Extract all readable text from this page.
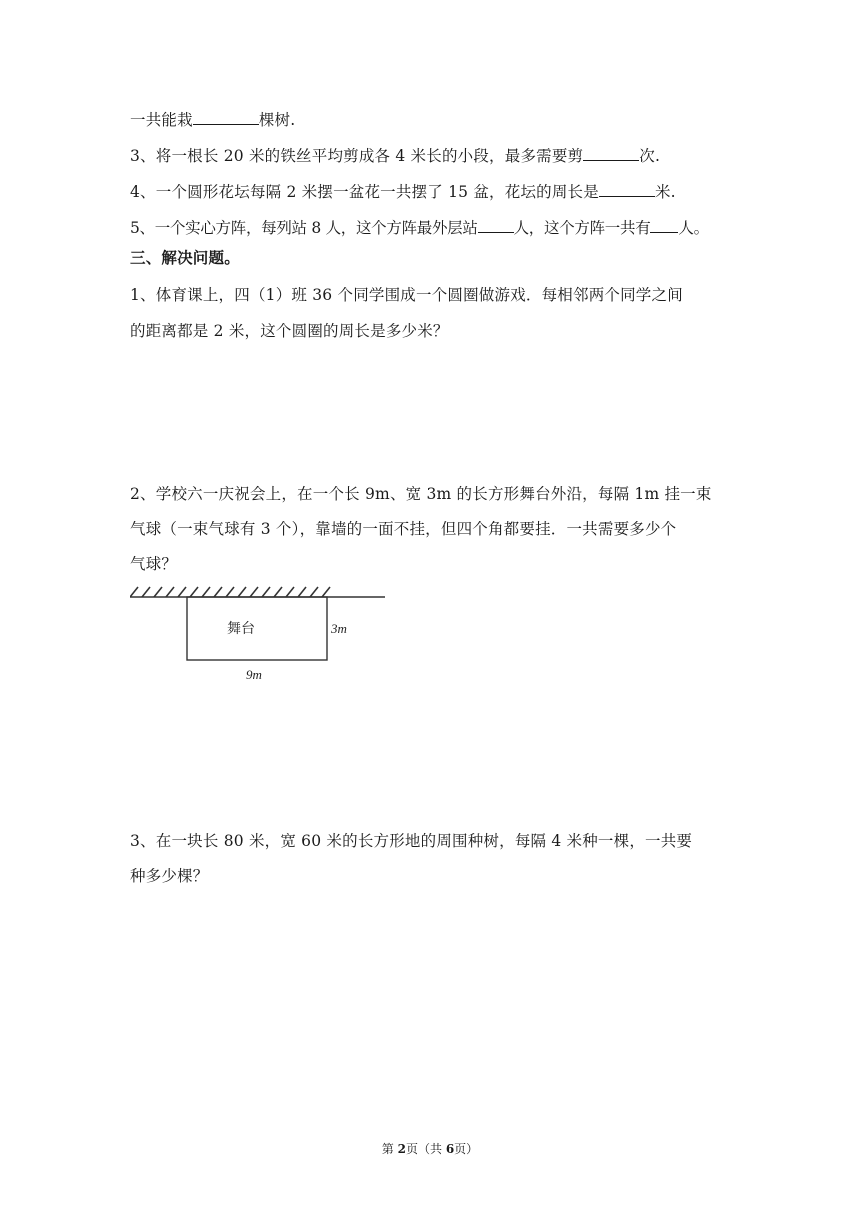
一共能栽	棵树.
3、将一根长 20 米的铁丝平均剪成各 4 米长的小段，最多需要剪	次.
4、一个圆形花坛每隔 2 米摆一盆花一共摆了 15 盆，花坛的周长是	米.
5、一个实心方阵，每列站 8 人，这个方阵最外层站 人，这个方阵一共有 人。
三、解决问题。
1、体育课上，四（1）班 36 个同学围成一个圆圈做游戏．每相邻两个同学之间
的距离都是 2 米，这个圆圈的周长是多少米？
2、学校六一庆祝会上，在一个长 9m、宽 3m 的长方形舞台外沿，每隔 1m 挂一束
气球（一束气球有 3 个），靠墙的一面不挂，但四个角都要挂．一共需要多少个
气球？
舞台	3m
9m
3、在一块长 80 米，宽 60 米的长方形地的周围种树，每隔 4 米种一棵，一共要
种多少棵？
第 2页（共 6页）
